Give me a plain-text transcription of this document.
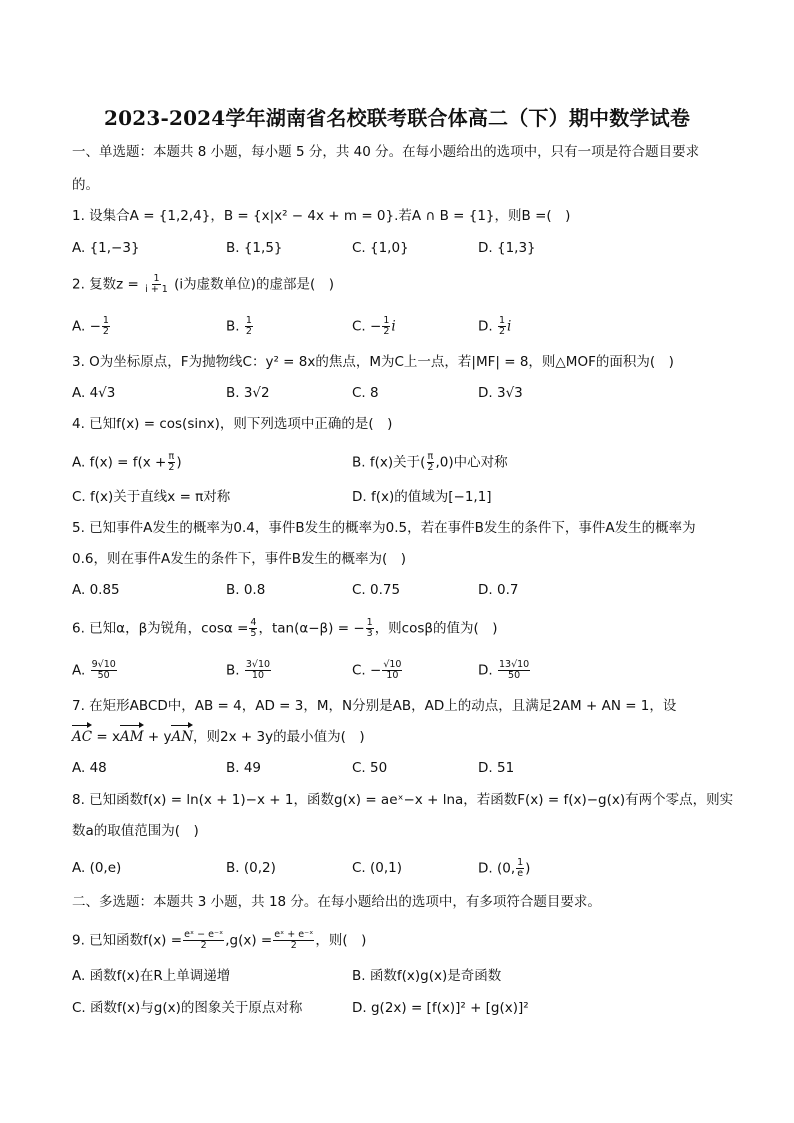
2023-2024学年湖南省名校联考联合体高二（下）期中数学试卷
一、单选题：本题共 8 小题，每小题 5 分，共 40 分。在每小题给出的选项中，只有一项是符合题目要求
的。
1. 设集合A = {1,2,4}，B = {x|x² − 4x + m = 0}.若A ∩ B = {1}，则B =(　)
A. {1,−3}	B. {1,5}	C. {1,0}	D. {1,3}
2. 复数$z = \frac{1}{i + 1} (i$为虚数单位)的虚部是(　)
A. − $\frac{1}{2}$	B. $\frac{1}{2}$	C. − $\frac{1}{2}$ i	D. $\frac{1}{2}$ i
3. O为坐标原点，F为抛物线C：y² = 8x的焦点，M为C上一点，若|MF| = 8，则△MOF的面积为(　)
A. 4√3	B. 3√2	C. 8	D. 3√3
4. 已知f(x) = cos(sinx)，则下列选项中正确的是(　)
A. $f(x) = f(x + \frac{\pi}{2}$ )	B. f(x)关于( $\frac{\pi}{2} ,0$)中心对称
C. f(x)关于直线x = π对称	D. f(x)的值域为[−1,1]
5. 已知事件A发生的概率为0.4，事件B发生的概率为0.5，若在事件B发生的条件下，事件A发生的概率为
0.6，则在事件A发生的条件下，事件B发生的概率为(　)
A. 0.85	B. 0.8	C. 0.75	D. 0.7
6. 已知α，β为锐角，$\cos\alpha = \frac{4}{5}$ ，tan(α−β) = − $\frac{1}{3}$ ，则cosβ的值为(　)
A. $\frac{9√10}{50}$	B. $\frac{3√10}{10}$	C. − $\frac{√10}{10}$	D. $\frac{13√10}{50}$
7. 在矩形ABCD中，AB = 4，AD = 3，M，N分别是AB，AD上的动点，且满足2AM + AN = 1，设
AC = xAM + yAN，则2x + 3y的最小值为(　)
A. 48	B. 49	C. 50	D. 51
8. 已知函数f(x) = ln(x + 1)−x + 1，函数g(x) = aeˣ−x + lna，若函数F(x) = f(x)−g(x)有两个零点，则实
数a的取值范围为(　)
A. (0,e)	B. (0,2)	C. (0,1)	D. (0, $\frac{1}{e}$ )
二、多选题：本题共 3 小题，共 18 分。在每小题给出的选项中，有多项符合题目要求。
9. 已知函数$f(x) = \frac{\text{eˣ − e⁻ˣ}}{2} ,g(x) = \frac{\text{eˣ + e⁻ˣ}}{2}$ ，则(　)
A. 函数f(x)在R上单调递增	B. 函数f(x)g(x)是奇函数
C. 函数f(x)与g(x)的图象关于原点对称	D. g(2x) = [f(x)]² + [g(x)]²
